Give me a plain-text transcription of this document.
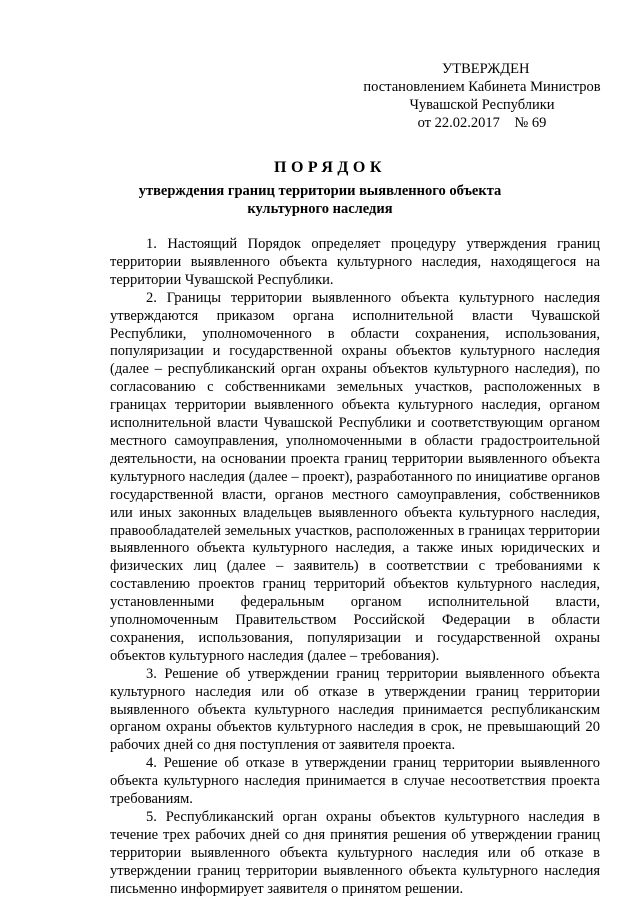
УТВЕРЖДЕН
постановлением Кабинета Министров
Чувашской Республики
от 22.02.2017    № 69
ПОРЯДОК
утверждения границ территории выявленного объекта
культурного наследия

1. Настоящий Порядок определяет процедуру утверждения границ территории выявленного объекта культурного наследия, находящегося на территории Чувашской Республики.

2. Границы территории выявленного объекта культурного наследия утверждаются приказом органа исполнительной власти Чувашской Республики, уполномоченного в области сохранения, использования, популяризации и государственной охраны объектов культурного наследия (далее – республиканский орган охраны объектов культурного наследия), по согласованию с собственниками земельных участков, расположенных в границах территории выявленного объекта культурного наследия, органом исполнительной власти Чувашской Республики и соответствующим органом местного самоуправления, уполномоченными в области градостроительной деятельности, на основании проекта границ территории выявленного объекта культурного наследия (далее – проект), разработанного по инициативе органов государственной власти, органов местного самоуправления, собственников или иных законных владельцев выявленного объекта культурного наследия, правообладателей земельных участков, расположенных в границах территории выявленного объекта культурного наследия, а также иных юридических и физических лиц (далее – заявитель) в соответствии с требованиями к составлению проектов границ территорий объектов культурного наследия, установленными федеральным органом исполнительной власти, уполномоченным Правительством Российской Федерации в области сохранения, использования, популяризации и государственной охраны объектов культурного наследия (далее – требования).

3. Решение об утверждении границ территории выявленного объекта культурного наследия или об отказе в утверждении границ территории выявленного объекта культурного наследия принимается республиканским органом охраны объектов культурного наследия в срок, не превышающий 20 рабочих дней со дня поступления от заявителя проекта.

4. Решение об отказе в утверждении границ территории выявленного объекта культурного наследия принимается в случае несоответствия проекта требованиям.

5. Республиканский орган охраны объектов культурного наследия в течение трех рабочих дней со дня принятия решения об утверждении границ территории выявленного объекта культурного наследия или об отказе в утверждении границ территории выявленного объекта культурного наследия письменно информирует заявителя о принятом решении.
